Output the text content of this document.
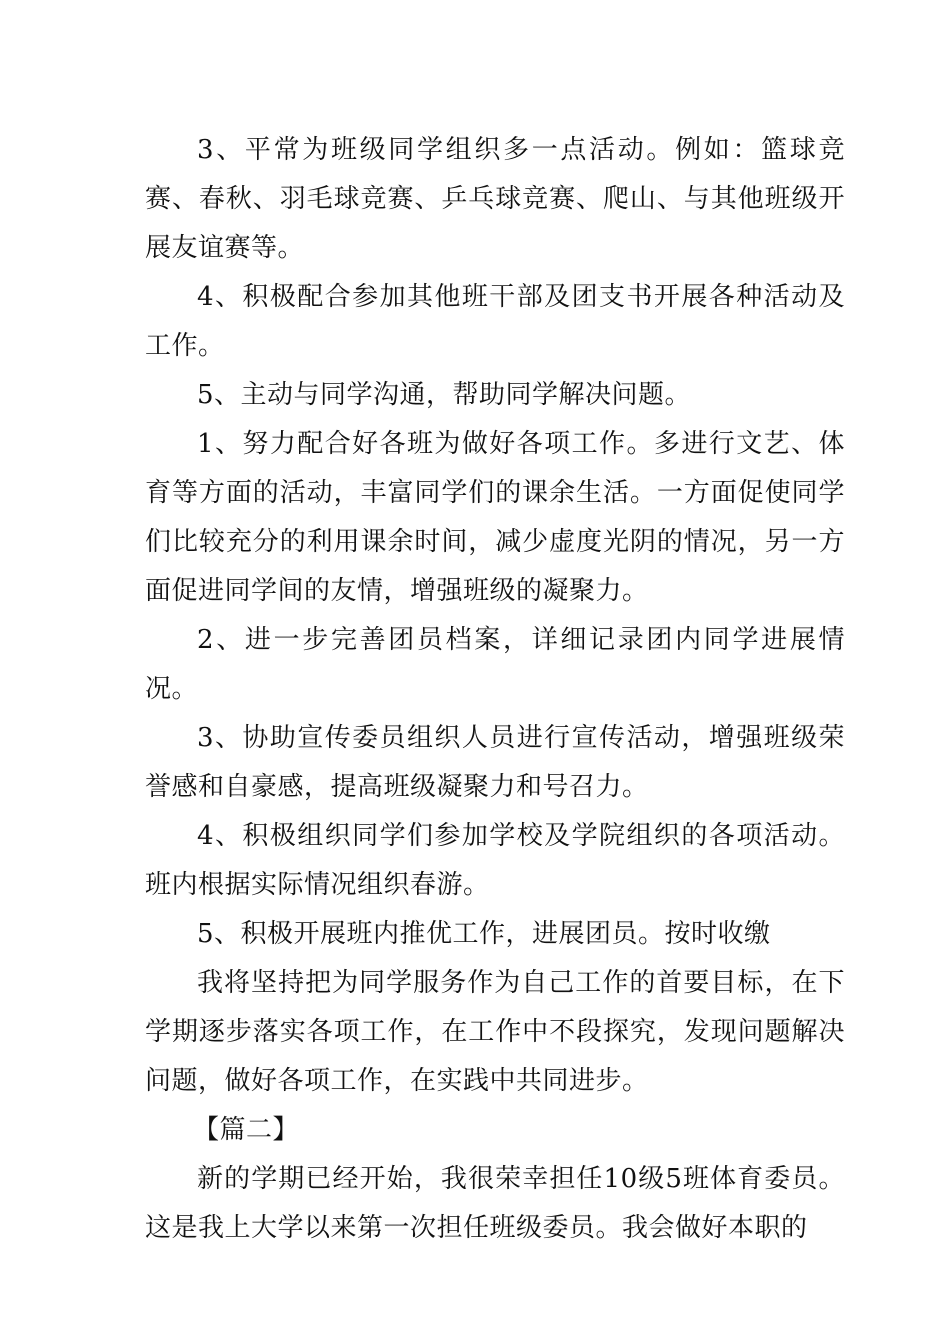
3、平常为班级同学组织多一点活动。例如：篮球竞赛、春秋、羽毛球竞赛、乒乓球竞赛、爬山、与其他班级开展友谊赛等。

4、积极配合参加其他班干部及团支书开展各种活动及工作。

5、主动与同学沟通，帮助同学解决问题。

1、努力配合好各班为做好各项工作。多进行文艺、体育等方面的活动，丰富同学们的课余生活。一方面促使同学们比较充分的利用课余时间，减少虚度光阴的情况，另一方面促进同学间的友情，增强班级的凝聚力。

2、进一步完善团员档案，详细记录团内同学进展情况。

3、协助宣传委员组织人员进行宣传活动，增强班级荣誉感和自豪感，提高班级凝聚力和号召力。

4、积极组织同学们参加学校及学院组织的各项活动。班内根据实际情况组织春游。

5、积极开展班内推优工作，进展团员。按时收缴

我将坚持把为同学服务作为自己工作的首要目标，在下学期逐步落实各项工作，在工作中不段探究，发现问题解决问题，做好各项工作，在实践中共同进步。

【篇二】

新的学期已经开始，我很荣幸担任10级5班体育委员。这是我上大学以来第一次担任班级委员。我会做好本职的
